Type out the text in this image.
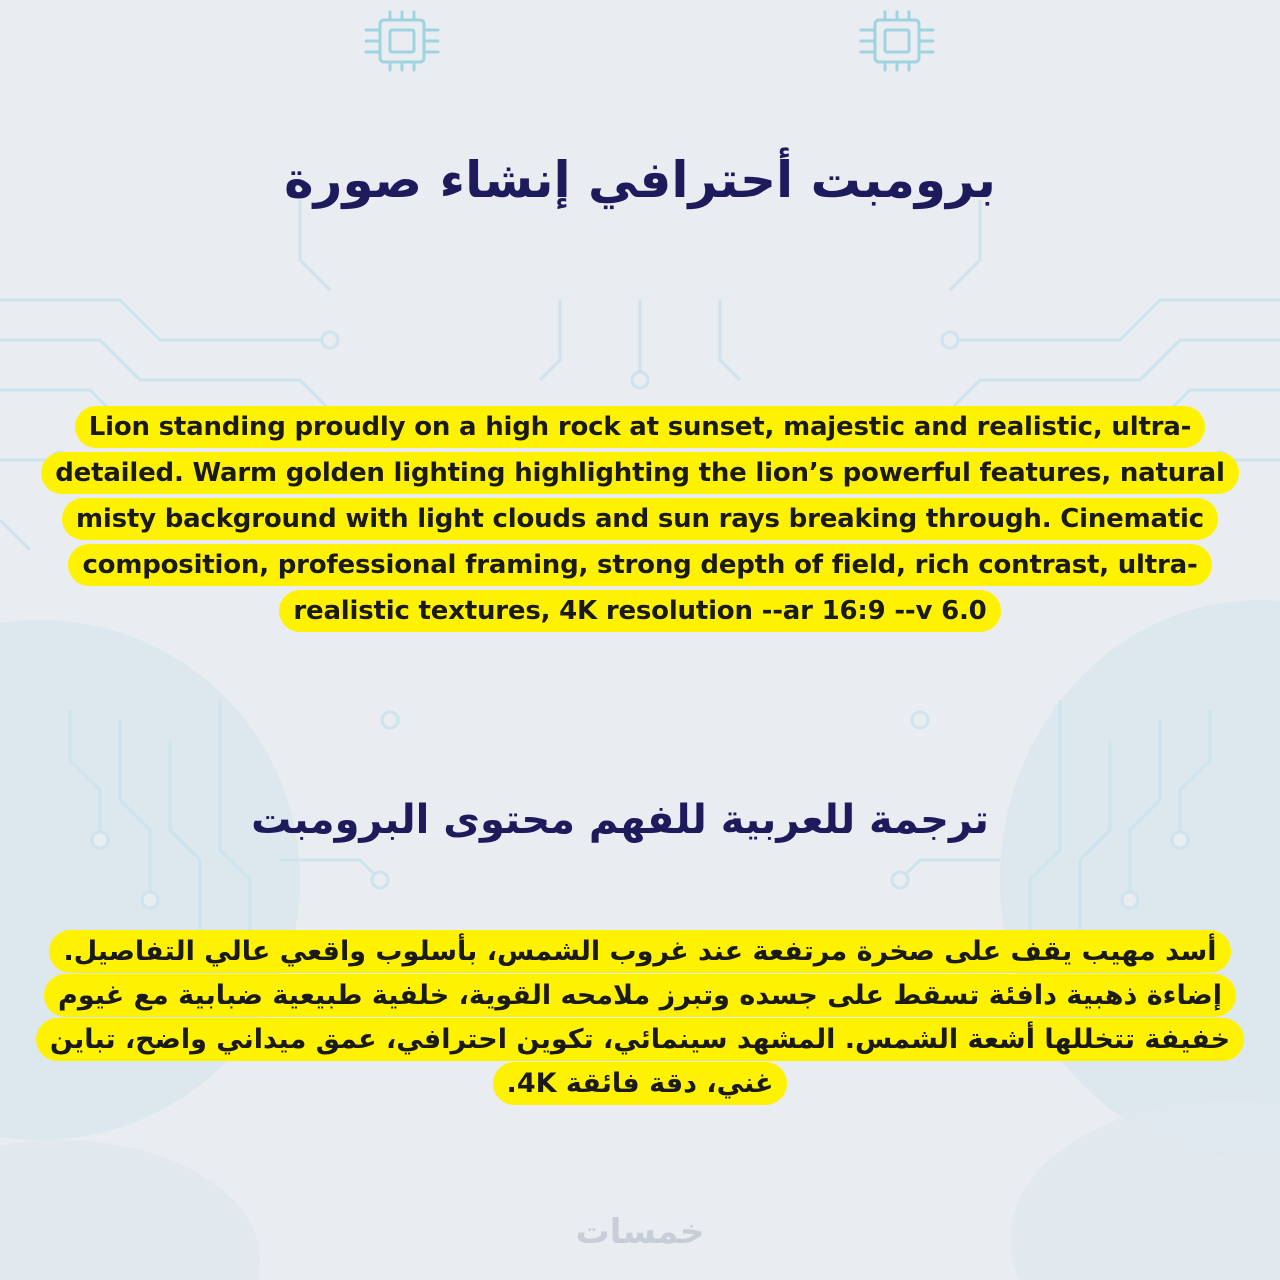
برومبت أحترافي إنشاء صورة

Lion standing proudly on a high rock at sunset, majestic and realistic, ultra-detailed. Warm golden lighting highlighting the lion’s powerful features, natural misty background with light clouds and sun rays breaking through. Cinematic composition, professional framing, strong depth of field, rich contrast, ultra-realistic textures, 4K resolution --ar 16:9 --v 6.0

ترجمة للعربية للفهم محتوى البرومبت

أسد مهيب يقف على صخرة مرتفعة عند غروب الشمس، بأسلوب واقعي عالي التفاصيل. إضاءة ذهبية دافئة تسقط على جسده وتبرز ملامحه القوية، خلفية طبيعية ضبابية مع غيوم خفيفة تتخللها أشعة الشمس. المشهد سينمائي، تكوين احترافي، عمق ميداني واضح، تباين غني، دقة فائقة 4K.

خمسات
